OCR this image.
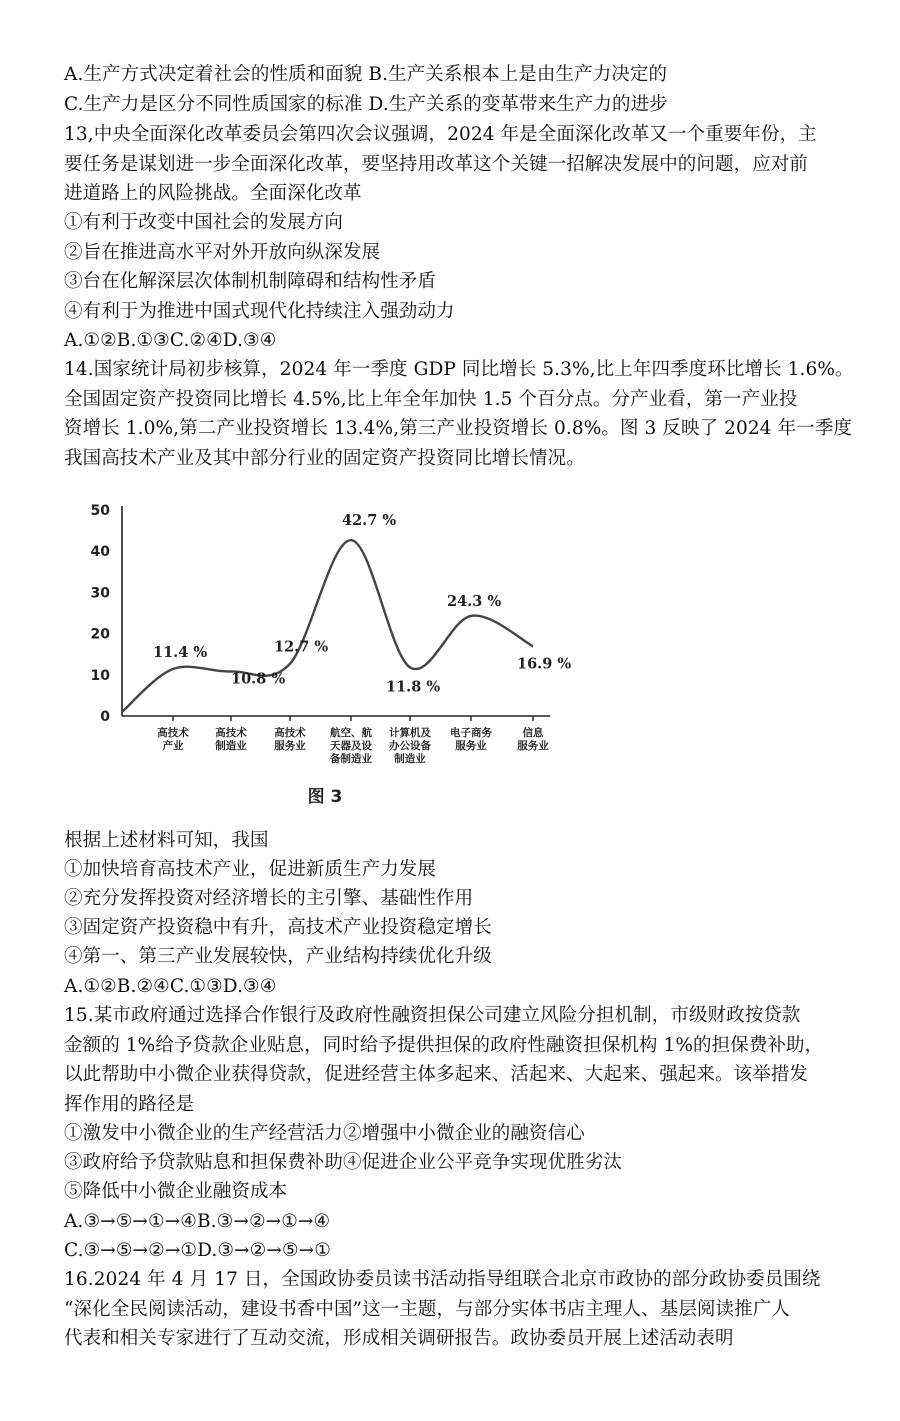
A.生产方式决定着社会的性质和面貌 B.生产关系根本上是由生产力决定的
C.生产力是区分不同性质国家的标准 D.生产关系的变革带来生产力的进步
13,中央全面深化改革委员会第四次会议强调，2024 年是全面深化改革又一个重要年份，主
要任务是谋划进一步全面深化改革，要坚持用改革这个关键一招解决发展中的问题，应对前
进道路上的风险挑战。全面深化改革
①有利于改变中国社会的发展方向
②旨在推进高水平对外开放向纵深发展
③台在化解深层次体制机制障碍和结构性矛盾
④有利于为推进中国式现代化持续注入强劲动力
A.①②B.①③C.②④D.③④
14.国家统计局初步核算，2024 年一季度 GDP 同比增长 5.3%,比上年四季度环比增长 1.6%。
全国固定资产投资同比增长 4.5%,比上年全年加快 1.5 个百分点。分产业看，第一产业投
资增长 1.0%,第二产业投资增长 13.4%,第三产业投资增长 0.8%。图 3 反映了 2024 年一季度
我国高技术产业及其中部分行业的固定资产投资同比增长情况。
0
10
20
30
40
50
11.4 %
10.8 %
12.7 %
42.7 %
11.8 %
24.3 %
16.9 %
高技术
产业
高技术
制造业
高技术
服务业
航空、航
天器及设
备制造业
计算机及
办公设备
制造业
电子商务
服务业
信息
服务业
图 3
根据上述材料可知，我国
①加快培育高技术产业，促进新质生产力发展
②充分发挥投资对经济增长的主引擎、基础性作用
③固定资产投资稳中有升，高技术产业投资稳定增长
④第一、第三产业发展较快，产业结构持续优化升级
A.①②B.②④C.①③D.③④
15.某市政府通过选择合作银行及政府性融资担保公司建立风险分担机制，市级财政按贷款
金额的 1%给予贷款企业贴息，同时给予提供担保的政府性融资担保机构 1%的担保费补助，
以此帮助中小微企业获得贷款，促进经营主体多起来、活起来、大起来、强起来。该举措发
挥作用的路径是
①激发中小微企业的生产经营活力②增强中小微企业的融资信心
③政府给予贷款贴息和担保费补助④促进企业公平竞争实现优胜劣汰
⑤降低中小微企业融资成本
A.③→⑤→①→④B.③→②→①→④
C.③→⑤→②→①D.③→②→⑤→①
16.2024 年 4 月 17 日，全国政协委员读书活动指导组联合北京市政协的部分政协委员围绕
“深化全民阅读活动，建设书香中国”这一主题，与部分实体书店主理人、基层阅读推广人
代表和相关专家进行了互动交流，形成相关调研报告。政协委员开展上述活动表明
